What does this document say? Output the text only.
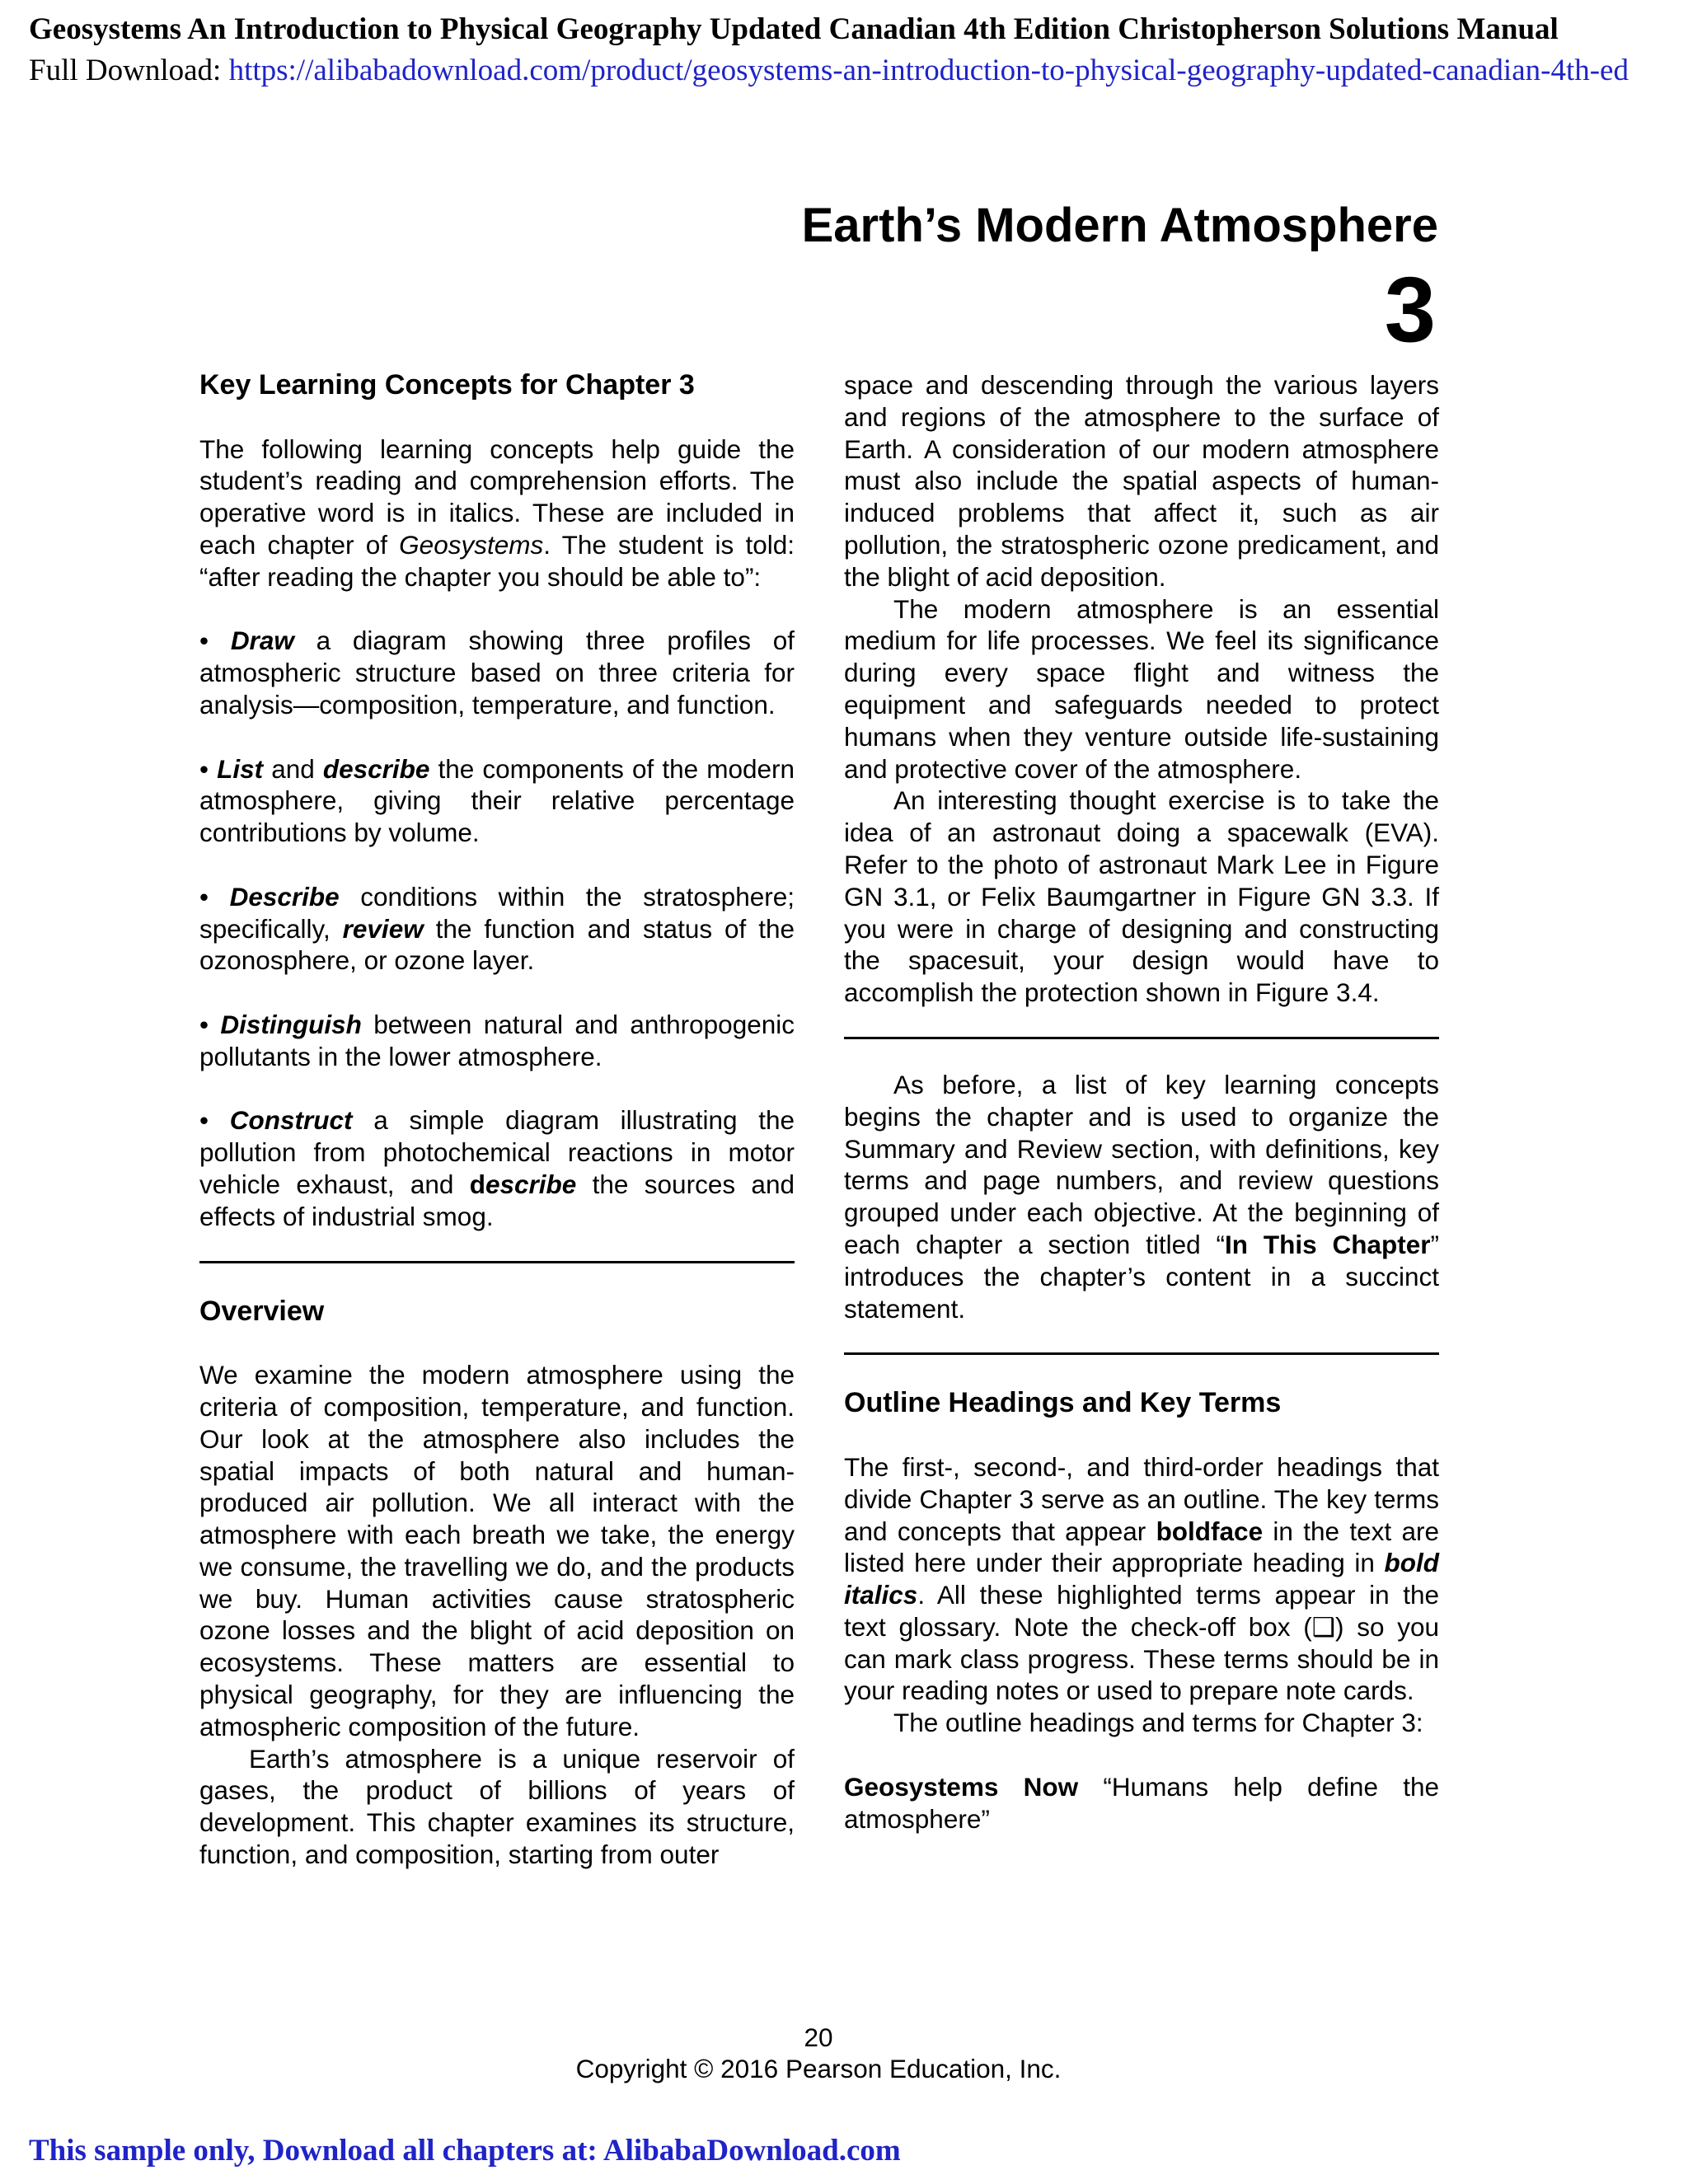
Geosystems An Introduction to Physical Geography Updated Canadian 4th Edition Christopherson Solutions Manual
Full Download: https://alibabadownload.com/product/geosystems-an-introduction-to-physical-geography-updated-canadian-4th-ed
Earth’s Modern Atmosphere
3
Key Learning Concepts for Chapter 3

The following learning concepts help guide the student’s reading and comprehension efforts. The operative word is in italics. These are included in each chapter of Geosystems. The student is told: “after reading the chapter you should be able to”:

• Draw a diagram showing three profiles of atmospheric structure based on three criteria for analysis—composition, temperature, and function.

• List and describe the components of the modern atmosphere, giving their relative percentage contributions by volume.

• Describe conditions within the stratosphere; specifically, review the function and status of the ozonosphere, or ozone layer.

• Distinguish between natural and anthropogenic pollutants in the lower atmosphere.

• Construct a simple diagram illustrating the pollution from photochemical reactions in motor vehicle exhaust, and describe the sources and effects of industrial smog.

Overview

We examine the modern atmosphere using the criteria of composition, temperature, and function. Our look at the atmosphere also includes the spatial impacts of both natural and human-produced air pollution. We all interact with the atmosphere with each breath we take, the energy we consume, the travelling we do, and the products we buy. Human activities cause stratospheric ozone losses and the blight of acid deposition on ecosystems. These matters are essential to physical geography, for they are influencing the atmospheric composition of the future.

Earth’s atmosphere is a unique reservoir of gases, the product of billions of years of development. This chapter examines its structure, function, and composition, starting from outer

space and descending through the various layers and regions of the atmosphere to the surface of Earth. A consideration of our modern atmosphere must also include the spatial aspects of human-induced problems that affect it, such as air pollution, the stratospheric ozone predicament, and the blight of acid deposition.

The modern atmosphere is an essential medium for life processes. We feel its significance during every space flight and witness the equipment and safeguards needed to protect humans when they venture outside life-sustaining and protective cover of the atmosphere.

An interesting thought exercise is to take the idea of an astronaut doing a spacewalk (EVA). Refer to the photo of astronaut Mark Lee in Figure GN 3.1, or Felix Baumgartner in Figure GN 3.3. If you were in charge of designing and constructing the spacesuit, your design would have to accomplish the protection shown in Figure 3.4.

As before, a list of key learning concepts begins the chapter and is used to organize the Summary and Review section, with definitions, key terms and page numbers, and review questions grouped under each objective. At the beginning of each chapter a section titled “In This Chapter” introduces the chapter’s content in a succinct statement.

Outline Headings and Key Terms

The first-, second-, and third-order headings that divide Chapter 3 serve as an outline. The key terms and concepts that appear boldface in the text are listed here under their appropriate heading in bold italics. All these highlighted terms appear in the text glossary. Note the check-off box (❑) so you can mark class progress. These terms should be in your reading notes or used to prepare note cards.

The outline headings and terms for Chapter 3:

Geosystems Now “Humans help define the atmosphere”

20
Copyright © 2016 Pearson Education, Inc.
This sample only, Download all chapters at: AlibabaDownload.com
